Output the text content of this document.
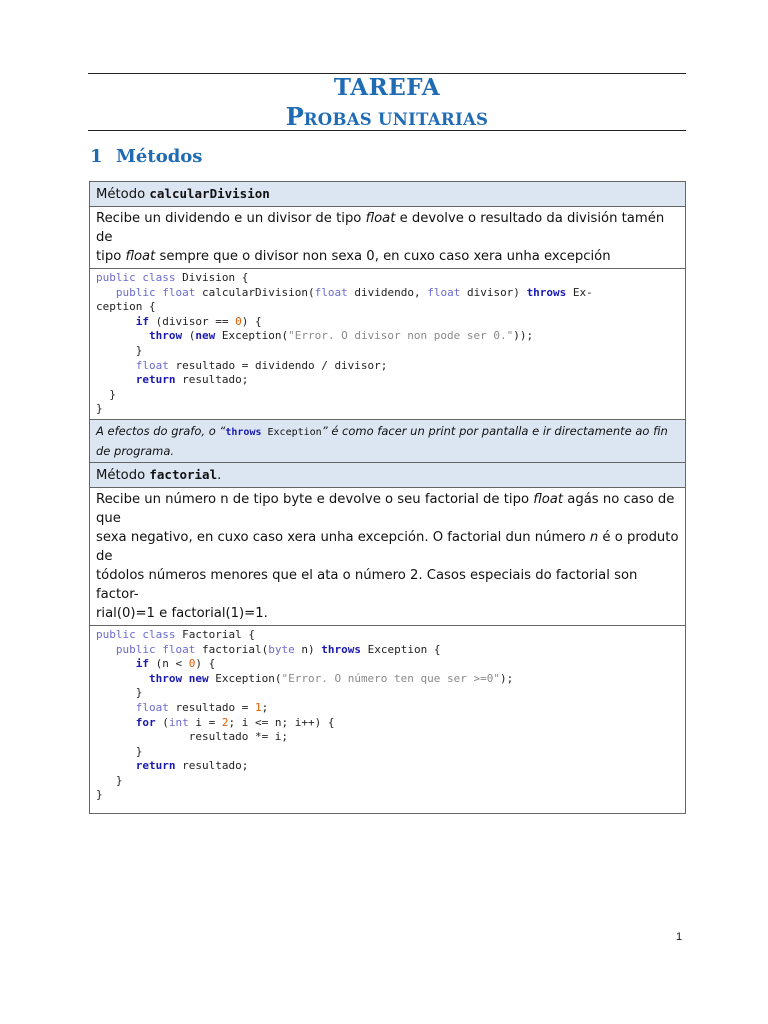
TAREFA
PROBAS UNITARIAS
1 Métodos
Método calcularDivision

Recibe un dividendo e un divisor de tipo float e devolve o resultado da división tamén de
tipo float sempre que o divisor non sexa 0, en cuxo caso xera unha excepción

public class Division {
public float calcularDivision(float dividendo, float divisor) throws Ex-
ception {
if (divisor == 0) {
throw (new Exception("Error. O divisor non pode ser 0."));
}
float resultado = dividendo / divisor;
return resultado;
}
}

A efectos do grafo, o “throws Exception” é como facer un print por pantalla e ir directamente ao fin
de programa.
Método factorial.

Recibe un número n de tipo byte e devolve o seu factorial de tipo float agás no caso de que
sexa negativo, en cuxo caso xera unha excepción. O factorial dun número n é o produto de
tódolos números menores que el ata o número 2. Casos especiais do factorial son factor-
rial(0)=1 e factorial(1)=1.

public class Factorial {
public float factorial(byte n) throws Exception {
if (n < 0) {
throw new Exception("Error. O número ten que ser >=0");
}
float resultado = 1;
for (int i = 2; i <= n; i++) {
resultado *= i;
}
return resultado;
}
}
1
